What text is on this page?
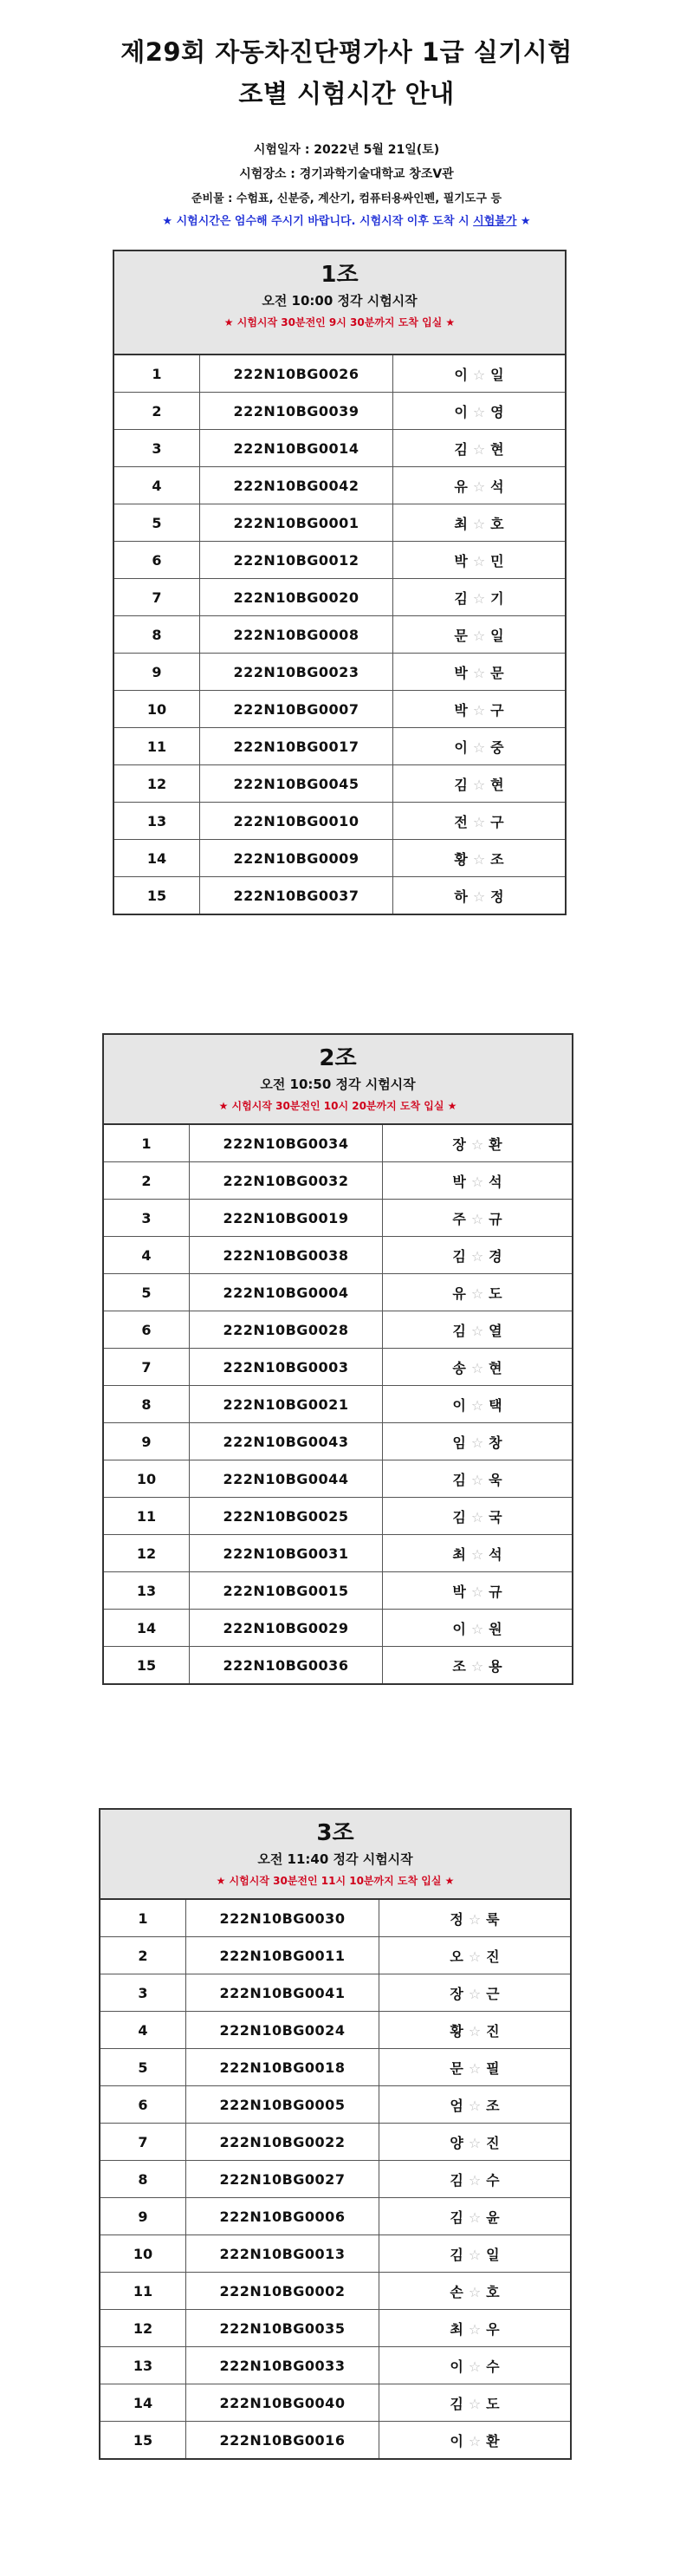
제29회 자동차진단평가사 1급 실기시험
조별 시험시간 안내
시험일자 : 2022년 5월 21일(토)
시험장소 : 경기과학기술대학교 창조V관
준비물 : 수험표, 신분증, 계산기, 컴퓨터용싸인펜, 필기도구 등
★ 시험시간은 엄수해 주시기 바랍니다. 시험시작 이후 도착 시 시험불가 ★
1조
오전 10:00 정각 시험시작
★ 시험시작 30분전인 9시 30분까지 도착 입실 ★
1	222N10BG0026	이 ☆ 일
2	222N10BG0039	이 ☆ 영
3	222N10BG0014	김 ☆ 현
4	222N10BG0042	유 ☆ 석
5	222N10BG0001	최 ☆ 호
6	222N10BG0012	박 ☆ 민
7	222N10BG0020	김 ☆ 기
8	222N10BG0008	문 ☆ 일
9	222N10BG0023	박 ☆ 문
10	222N10BG0007	박 ☆ 구
11	222N10BG0017	이 ☆ 중
12	222N10BG0045	김 ☆ 현
13	222N10BG0010	전 ☆ 구
14	222N10BG0009	황 ☆ 조
15	222N10BG0037	하 ☆ 정
2조
오전 10:50 정각 시험시작
★ 시험시작 30분전인 10시 20분까지 도착 입실 ★
1	222N10BG0034	장 ☆ 환
2	222N10BG0032	박 ☆ 석
3	222N10BG0019	주 ☆ 규
4	222N10BG0038	김 ☆ 경
5	222N10BG0004	유 ☆ 도
6	222N10BG0028	김 ☆ 열
7	222N10BG0003	송 ☆ 현
8	222N10BG0021	이 ☆ 택
9	222N10BG0043	임 ☆ 창
10	222N10BG0044	김 ☆ 욱
11	222N10BG0025	김 ☆ 국
12	222N10BG0031	최 ☆ 석
13	222N10BG0015	박 ☆ 규
14	222N10BG0029	이 ☆ 원
15	222N10BG0036	조 ☆ 용
3조
오전 11:40 정각 시험시작
★ 시험시작 30분전인 11시 10분까지 도착 입실 ★
1	222N10BG0030	정 ☆ 룩
2	222N10BG0011	오 ☆ 진
3	222N10BG0041	장 ☆ 근
4	222N10BG0024	황 ☆ 진
5	222N10BG0018	문 ☆ 필
6	222N10BG0005	엄 ☆ 조
7	222N10BG0022	양 ☆ 진
8	222N10BG0027	김 ☆ 수
9	222N10BG0006	김 ☆ 윤
10	222N10BG0013	김 ☆ 일
11	222N10BG0002	손 ☆ 호
12	222N10BG0035	최 ☆ 우
13	222N10BG0033	이 ☆ 수
14	222N10BG0040	김 ☆ 도
15	222N10BG0016	이 ☆ 환
